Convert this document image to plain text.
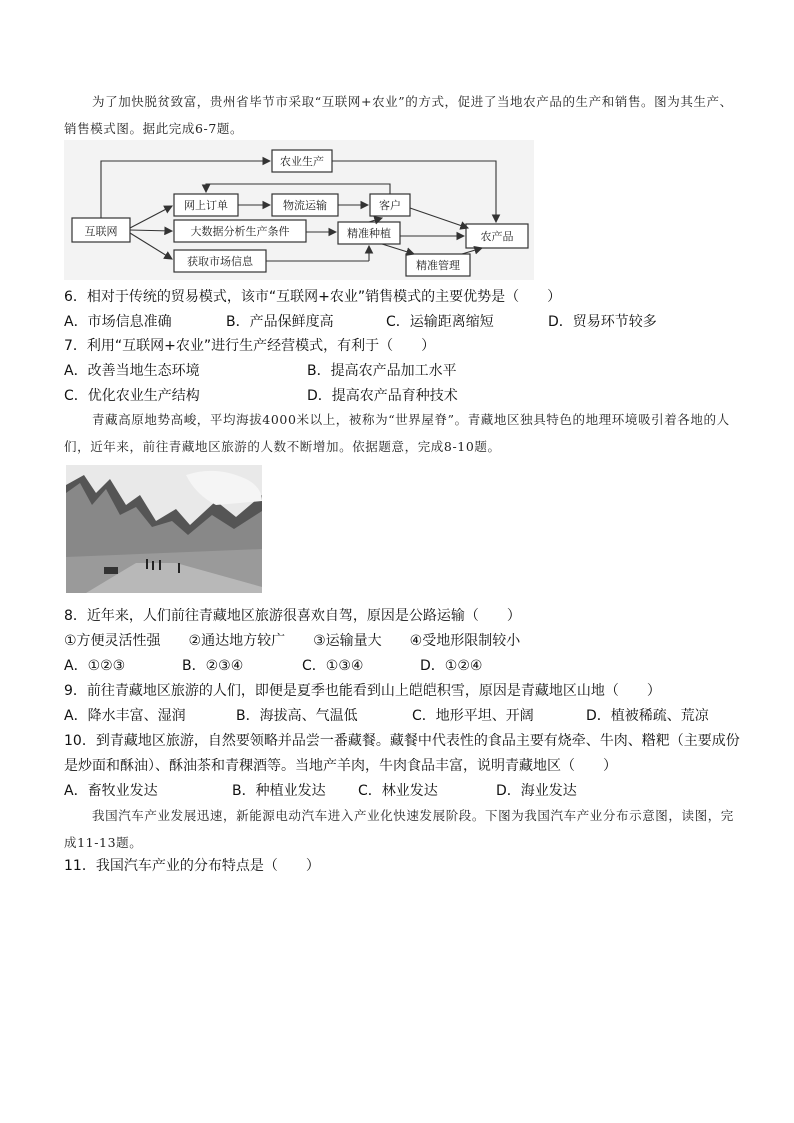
为了加快脱贫致富，贵州省毕节市采取“互联网+农业”的方式，促进了当地农产品的生产和销售。图为其生产、销售模式图。据此完成6-7题。
互联网
农业生产
网上订单	物流运输	客户
大数据分析生产条件	精准种植
获取市场信息	精准管理
农产品
6．相对于传统的贸易模式，该市“互联网+农业”销售模式的主要优势是（　　）
A．市场信息准确	B．产品保鲜度高	C．运输距离缩短	D．贸易环节较多
7．利用“互联网+农业”进行生产经营模式，有利于（　　）
A．改善当地生态环境	B．提高农产品加工水平
C．优化农业生产结构	D．提高农产品育种技术
青藏高原地势高峻，平均海拔4000米以上，被称为“世界屋脊”。青藏地区独具特色的地理环境吸引着各地的人们，近年来，前往青藏地区旅游的人数不断增加。依据题意，完成8-10题。
8．近年来，人们前往青藏地区旅游很喜欢自驾，原因是公路运输（　　）
①方便灵活性强　　②通达地方较广　　③运输量大　　④受地形限制较小
A．①②③	B．②③④	C．①③④	D．①②④
9．前往青藏地区旅游的人们，即便是夏季也能看到山上皑皑积雪，原因是青藏地区山地（　　）
A．降水丰富、湿润	B．海拔高、气温低	C．地形平坦、开阔	D．植被稀疏、荒凉
10．到青藏地区旅游，自然要领略并品尝一番藏餐。藏餐中代表性的食品主要有烧牵、牛肉、糌粑（主要成份
是炒面和酥油）、酥油茶和青稞酒等。当地产羊肉，牛肉食品丰富，说明青藏地区（　　）
A．畜牧业发达	B．种植业发达 C．林业发达	D．海业发达
我国汽车产业发展迅速，新能源电动汽车进入产业化快速发展阶段。下图为我国汽车产业分布示意图，读图，完成11-13题。
11．我国汽车产业的分布特点是（　　）
